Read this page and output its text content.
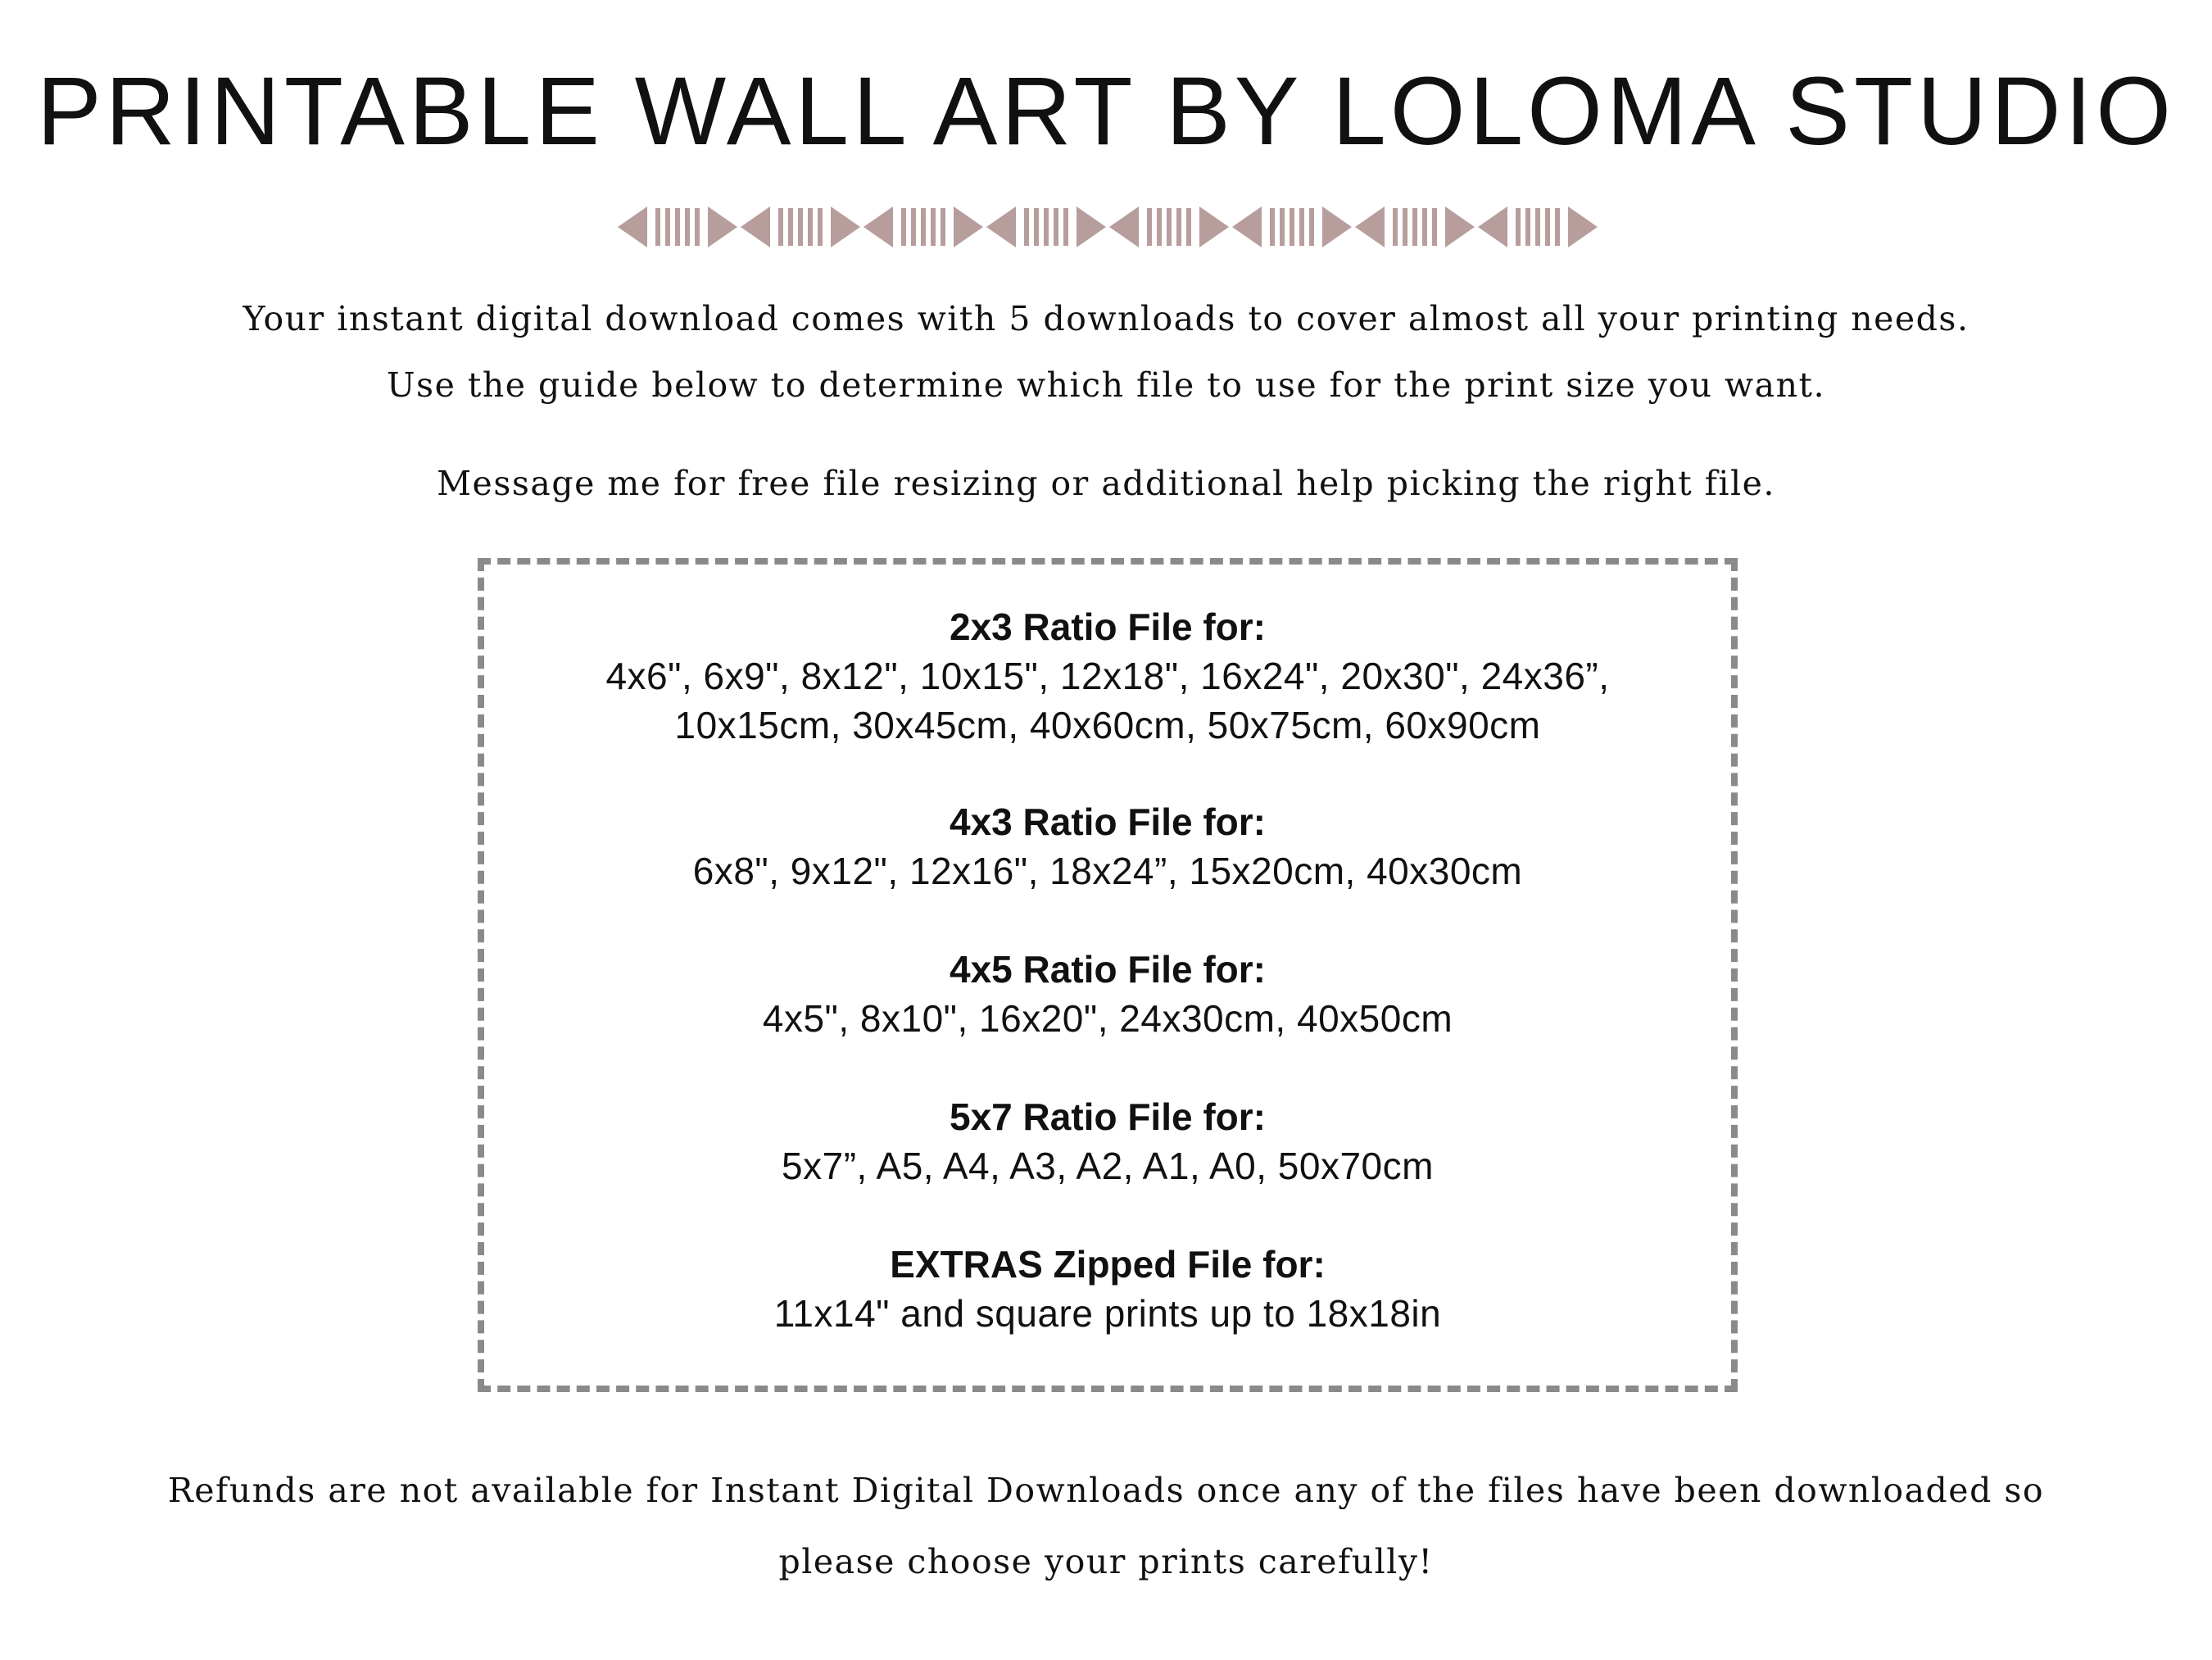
PRINTABLE WALL ART BY LOLOMA STUDIO

Your instant digital download comes with 5 downloads to cover almost all your printing needs.

Use the guide below to determine which file to use for the print size you want.

Message me for free file resizing or additional help picking the right file.

2x3 Ratio File for:
4x6", 6x9", 8x12", 10x15", 12x18", 16x24", 20x30", 24x36”,
10x15cm, 30x45cm, 40x60cm, 50x75cm, 60x90cm
4x3 Ratio File for:
6x8", 9x12", 12x16", 18x24”, 15x20cm, 40x30cm
4x5 Ratio File for:
4x5", 8x10", 16x20", 24x30cm, 40x50cm
5x7 Ratio File for:
5x7”, A5, A4, A3, A2, A1, A0, 50x70cm
EXTRAS Zipped File for:
11x14" and square prints up to 18x18in

Refunds are not available for Instant Digital Downloads once any of the files have been downloaded so

please choose your prints carefully!
